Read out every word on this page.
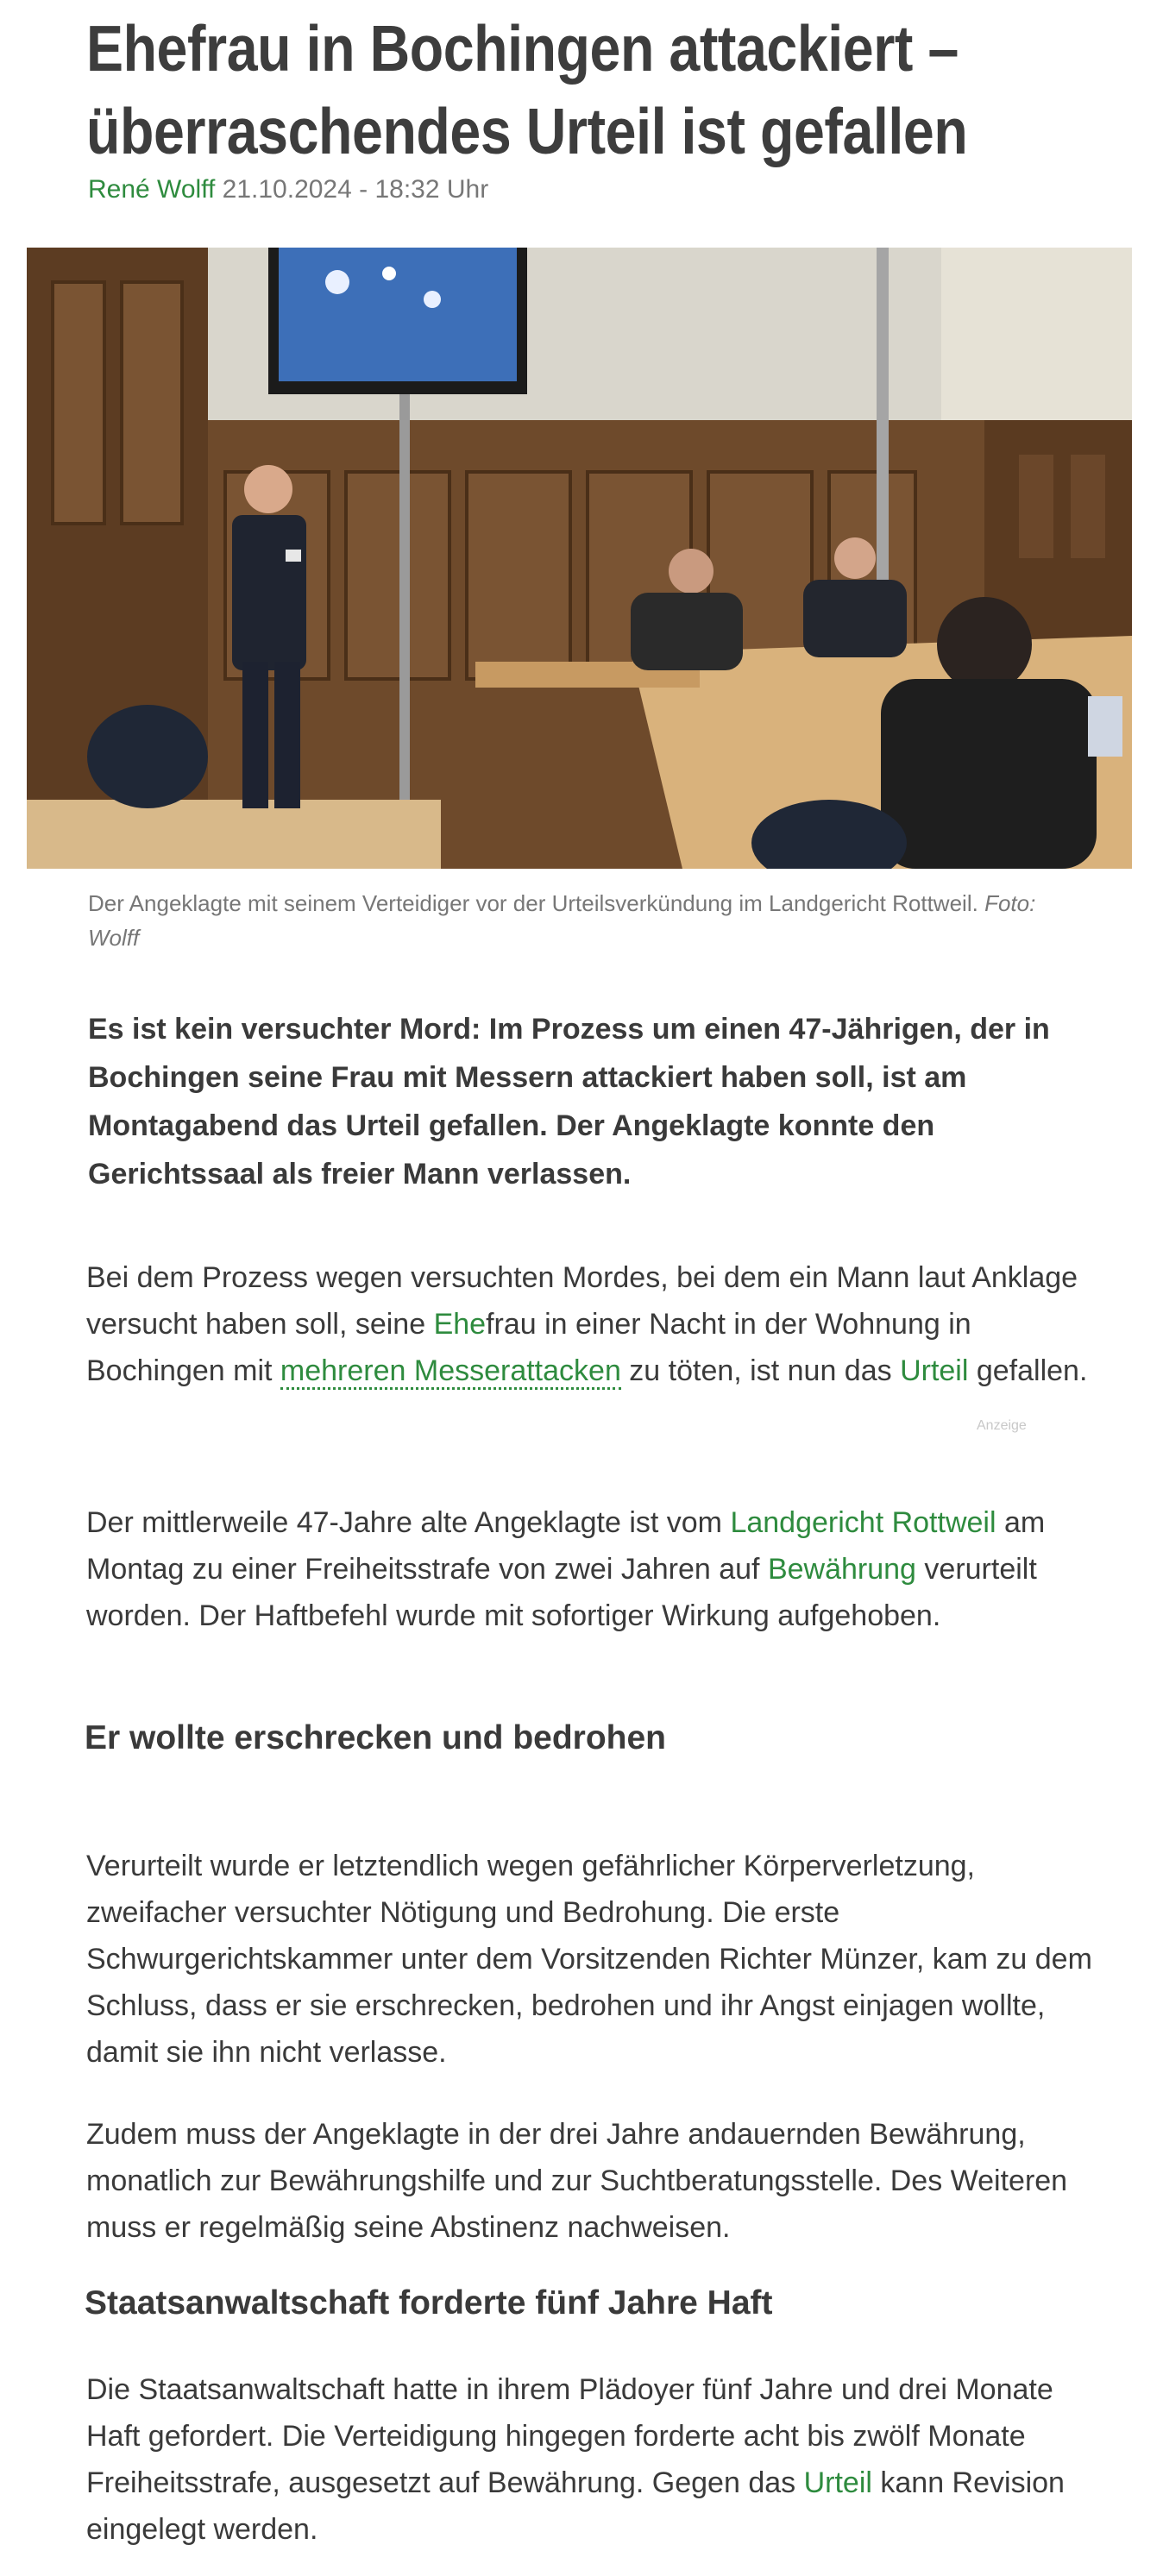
Ehefrau in Bochingen attackiert –
überraschendes Urteil ist gefallen
René Wolff 21.10.2024 - 18:32 Uhr
Der Angeklagte mit seinem Verteidiger vor der Urteilsverkündung im Landgericht Rottweil. Foto: Wolff

Es ist kein versuchter Mord: Im Prozess um einen 47-Jährigen, der in Bochingen seine Frau mit Messern attackiert haben soll, ist am Montagabend das Urteil gefallen. Der Angeklagte konnte den Gerichtssaal als freier Mann verlassen.

Bei dem Prozess wegen versuchten Mordes, bei dem ein Mann laut Anklage versucht haben soll, seine Ehefrau in einer Nacht in der Wohnung in Bochingen mit mehreren Messerattacken zu töten, ist nun das Urteil gefallen.

Anzeige

Der mittlerweile 47-Jahre alte Angeklagte ist vom Landgericht Rottweil am Montag zu einer Freiheitsstrafe von zwei Jahren auf Bewährung verurteilt worden. Der Haftbefehl wurde mit sofortiger Wirkung aufgehoben.

Er wollte erschrecken und bedrohen

Verurteilt wurde er letztendlich wegen gefährlicher Körperverletzung, zweifacher versuchter Nötigung und Bedrohung. Die erste Schwurgerichtskammer unter dem Vorsitzenden Richter Münzer, kam zu dem Schluss, dass er sie erschrecken, bedrohen und ihr Angst einjagen wollte, damit sie ihn nicht verlasse.

Zudem muss der Angeklagte in der drei Jahre andauernden Bewährung, monatlich zur Bewährungshilfe und zur Suchtberatungsstelle. Des Weiteren muss er regelmäßig seine Abstinenz nachweisen.

Staatsanwaltschaft forderte fünf Jahre Haft

Die Staatsanwaltschaft hatte in ihrem Plädoyer fünf Jahre und drei Monate Haft gefordert. Die Verteidigung hingegen forderte acht bis zwölf Monate Freiheitsstrafe, ausgesetzt auf Bewährung. Gegen das Urteil kann Revision eingelegt werden.
